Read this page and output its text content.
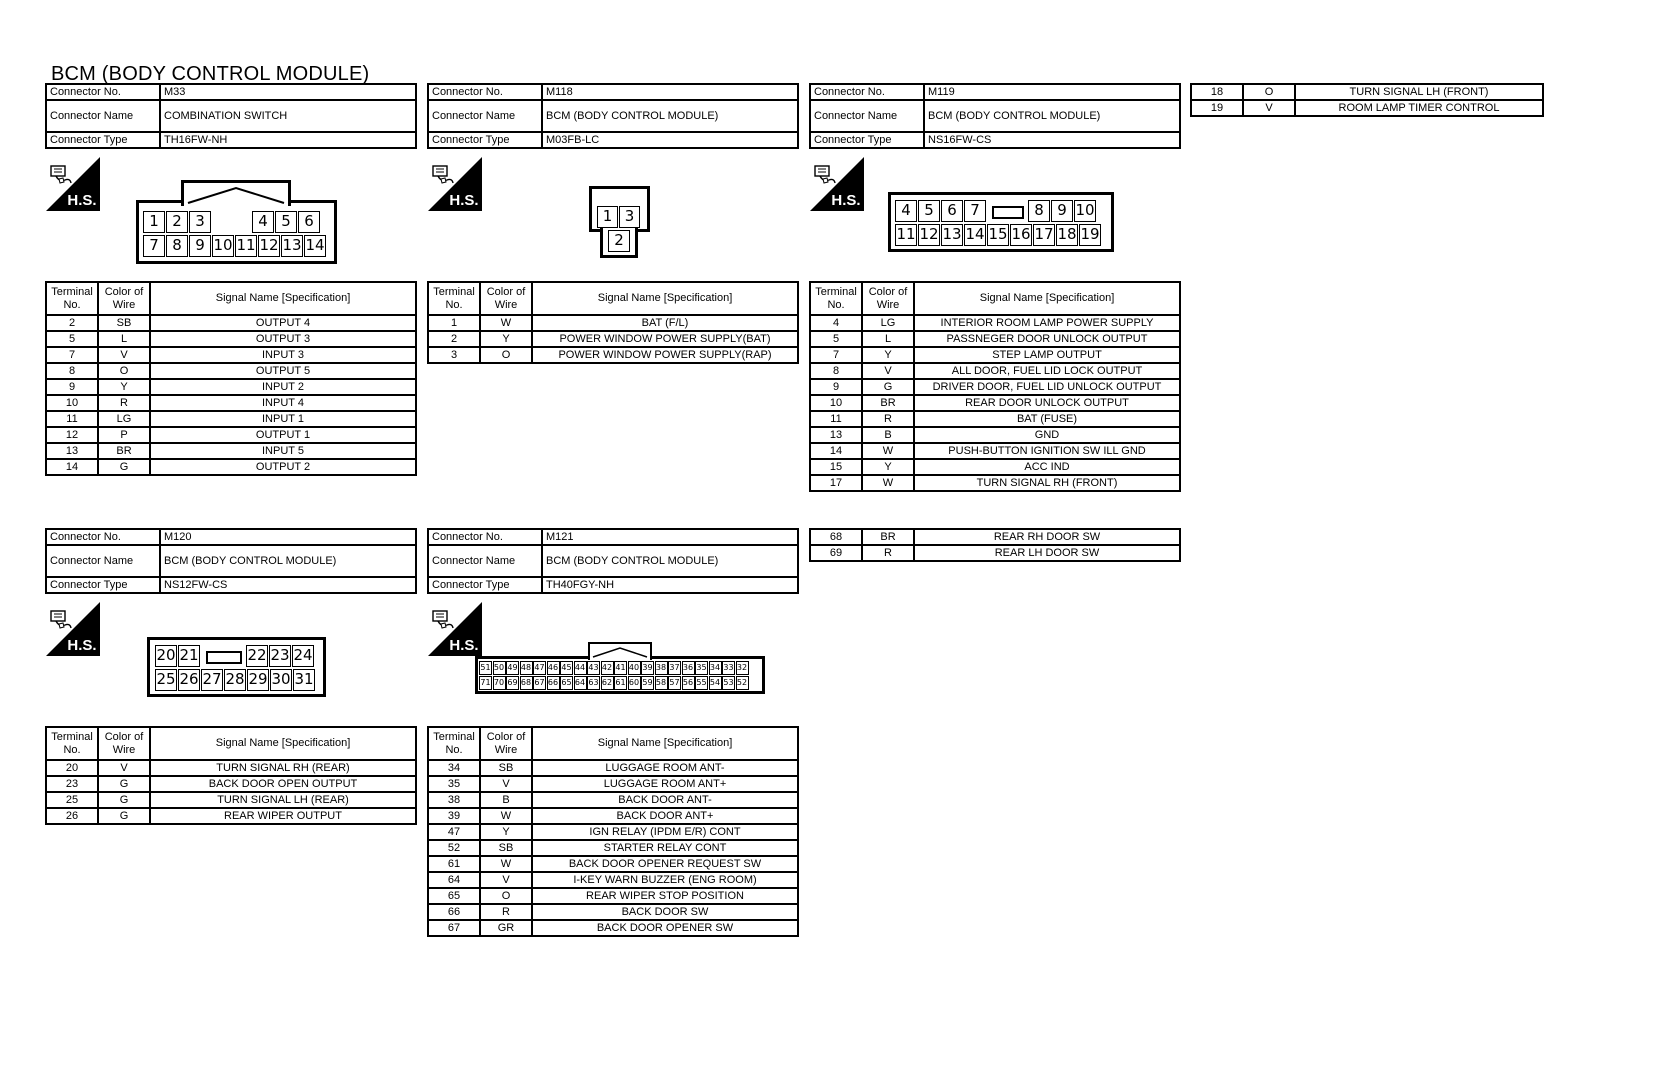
BCM (BODY CONTROL MODULE)
Connector No.	M33
Connector Name	COMBINATION SWITCH
Connector Type	TH16FW-NH
H.S.
1 2 3	4 5 6
7 8 9 10 11 12 13 14
Terminal No.	Color of Wire	Signal Name [Specification]
2	SB	OUTPUT 4
5	L	OUTPUT 3
7	V	INPUT 3
8	O	OUTPUT 5
9	Y	INPUT 2
10	R	INPUT 4
11	LG	INPUT 1
12	P	OUTPUT 1
13	BR	INPUT 5
14	G	OUTPUT 2
Connector No.	M118
Connector Name	BCM (BODY CONTROL MODULE)
Connector Type	M03FB-LC
H.S.
1 3
2
Terminal No.	Color of Wire	Signal Name [Specification]
1	W	BAT (F/L)
2	Y	POWER WINDOW POWER SUPPLY(BAT)
3	O	POWER WINDOW POWER SUPPLY(RAP)
Connector No.	M119
Connector Name	BCM (BODY CONTROL MODULE)
Connector Type	NS16FW-CS
H.S.
4 5 6 7	8 9 10
11 12 13 14 15 16 17 18 19
Terminal No.	Color of Wire	Signal Name [Specification]
4	LG	INTERIOR ROOM LAMP POWER SUPPLY
5	L	PASSNEGER DOOR UNLOCK OUTPUT
7	Y	STEP LAMP OUTPUT
8	V	ALL DOOR, FUEL LID LOCK OUTPUT
9	G	DRIVER DOOR, FUEL LID UNLOCK OUTPUT
10	BR	REAR DOOR UNLOCK OUTPUT
11	R	BAT (FUSE)
13	B	GND
14	W	PUSH-BUTTON IGNITION SW ILL GND
15	Y	ACC IND
17	W	TURN SIGNAL RH (FRONT)
18	O	TURN SIGNAL LH (FRONT)
19	V	ROOM LAMP TIMER CONTROL
Connector No.	M120
Connector Name	BCM (BODY CONTROL MODULE)
Connector Type	NS12FW-CS
H.S.
20 21	22 23 24
25 26 27 28 29 30 31
Terminal No.	Color of Wire	Signal Name [Specification]
20	V	TURN SIGNAL RH (REAR)
23	G	BACK DOOR OPEN OUTPUT
25	G	TURN SIGNAL LH (REAR)
26	G	REAR WIPER OUTPUT
Connector No.	M121
Connector Name	BCM (BODY CONTROL MODULE)
Connector Type	TH40FGY-NH
H.S.
51 50 49 48 47 46 45 44 43 42 41 40 39 38 37 36 35 34 33 32
71 70 69 68 67 66 65 64 63 62 61 60 59 58 57 56 55 54 53 52
Terminal No.	Color of Wire	Signal Name [Specification]
34	SB	LUGGAGE ROOM ANT-
35	V	LUGGAGE ROOM ANT+
38	B	BACK DOOR ANT-
39	W	BACK DOOR ANT+
47	Y	IGN RELAY (IPDM E/R) CONT
52	SB	STARTER RELAY CONT
61	W	BACK DOOR OPENER REQUEST SW
64	V	I-KEY WARN BUZZER (ENG ROOM)
65	O	REAR WIPER STOP POSITION
66	R	BACK DOOR SW
67	GR	BACK DOOR OPENER SW
68	BR	REAR RH DOOR SW
69	R	REAR LH DOOR SW
